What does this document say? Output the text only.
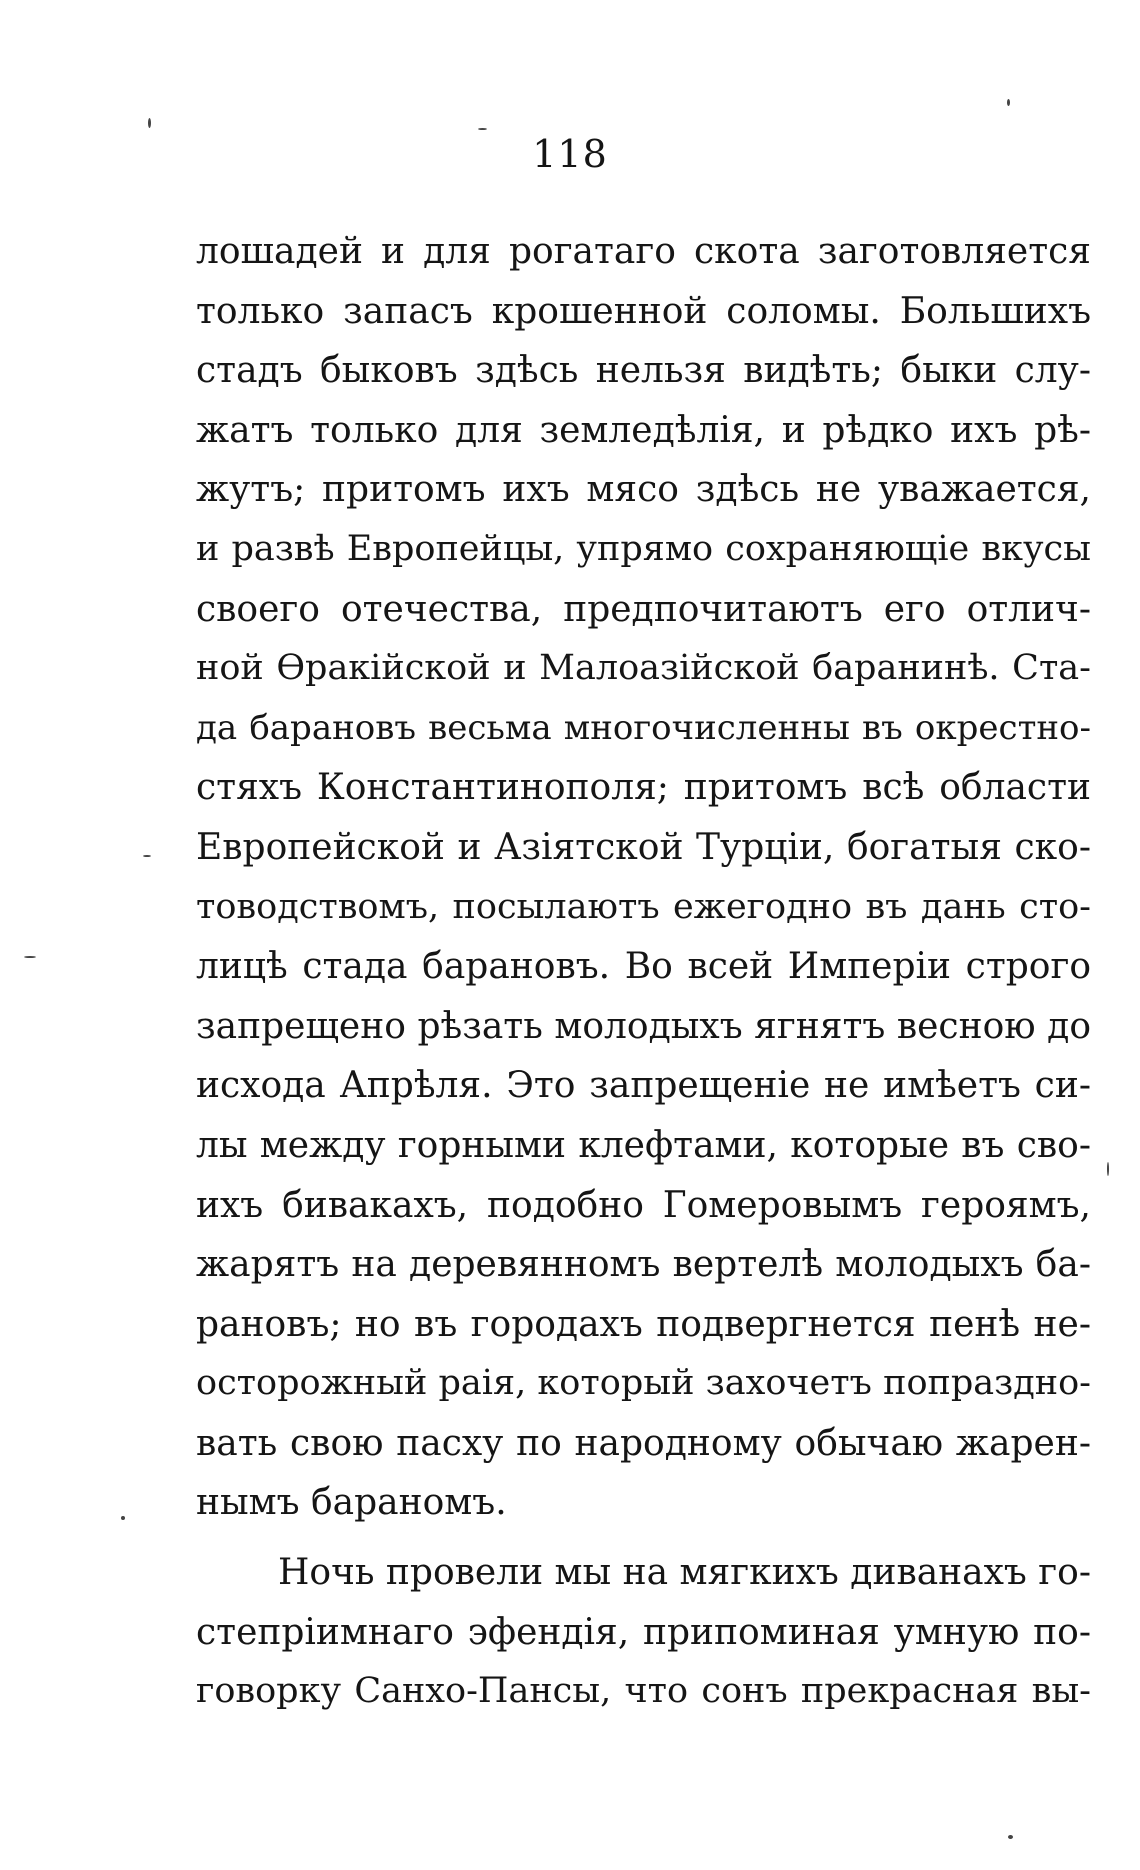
118
лошадей и для рогатаго скота заготовляется
только запасъ крошенной соломы. Большихъ
стадъ быковъ здѣсь нельзя видѣть; быки слу-
жатъ только для земледѣлія, и рѣдко ихъ рѣ-
жутъ; притомъ ихъ мясо здѣсь не уважается,
и развѣ Европейцы, упрямо сохраняющіе вкусы
своего отечества, предпочитаютъ его отлич-
ной Ѳракійской и Малоазійской баранинѣ. Ста-
да барановъ весьма многочисленны въ окрестно-
стяхъ Константинополя; притомъ всѣ области
Европейской и Азіятской Турціи, богатыя ско-
товодствомъ, посылаютъ ежегодно въ дань сто-
лицѣ стада барановъ. Во всей Имперіи строго
запрещено рѣзать молодыхъ ягнятъ весною до
исхода Апрѣля. Это запрещеніе не имѣетъ си-
лы между горными клефтами, которые въ сво-
ихъ бивакахъ, подобно Гомеровымъ героямъ,
жарятъ на деревянномъ вертелѣ молодыхъ ба-
рановъ; но въ городахъ подвергнется пенѣ не-
осторожный раія, который захочетъ попраздно-
вать свою пасху по народному обычаю жарен-
нымъ бараномъ.
Ночь провели мы на мягкихъ диванахъ го-
степріимнаго эфендія, припоминая умную по-
говорку Санхо-Пансы, что сонъ прекрасная вы-
